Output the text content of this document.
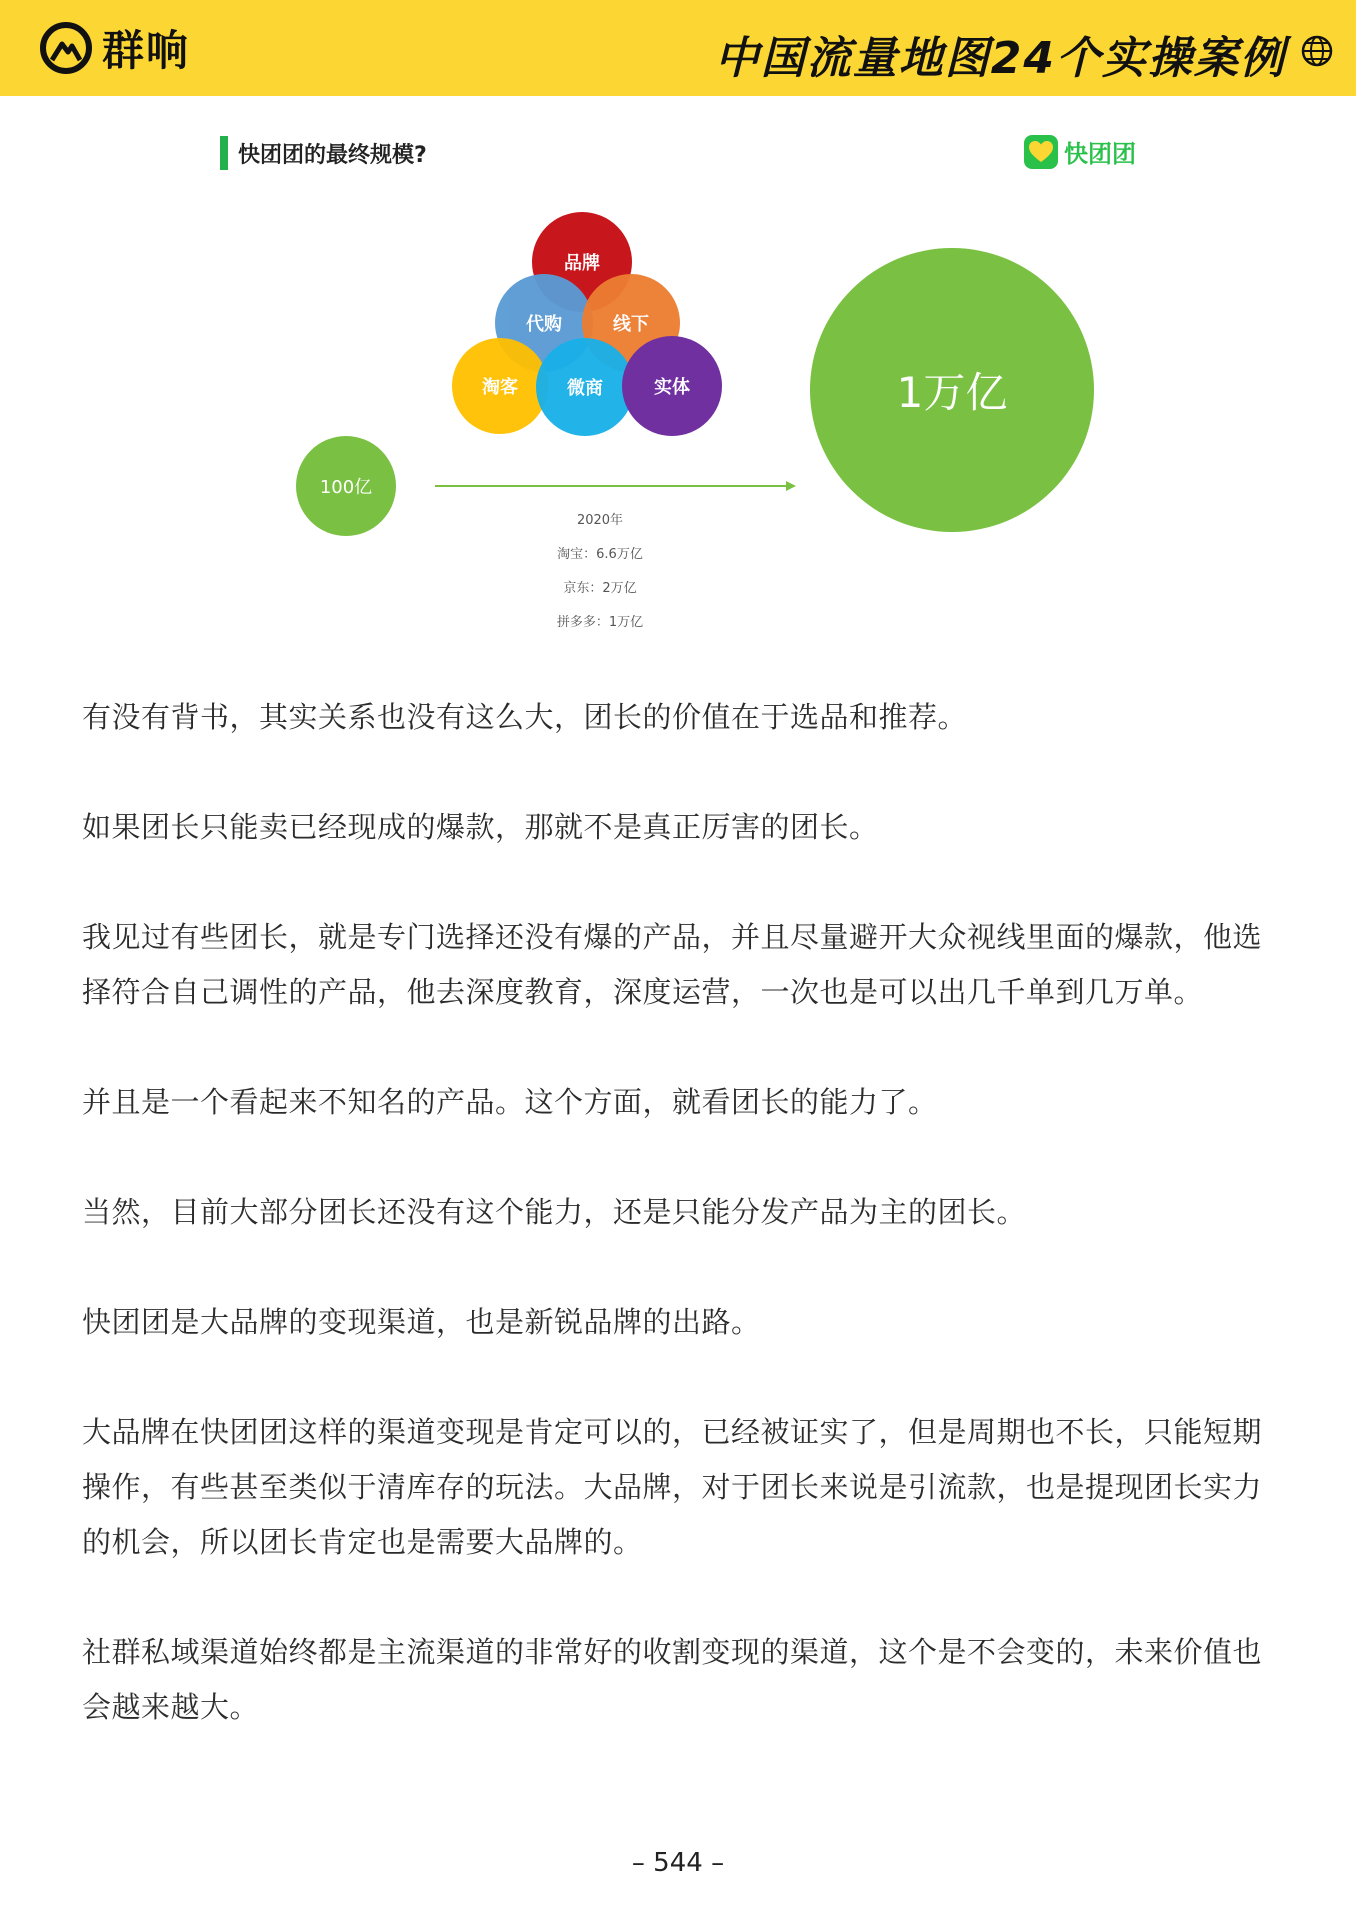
群响	中国流量地图24个实操案例
快团团的最终规模?	快团团
品牌
代购	线下
淘客	微商	实体
100亿
1万亿
2020年
淘宝：6.6万亿
京东：2万亿
拼多多：1万亿

有没有背书，其实关系也没有这么大，团长的价值在于选品和推荐。

如果团长只能卖已经现成的爆款，那就不是真正厉害的团长。

我见过有些团长，就是专门选择还没有爆的产品，并且尽量避开大众视线里面的爆款，他选择符合自己调性的产品，他去深度教育，深度运营，一次也是可以出几千单到几万单。

并且是一个看起来不知名的产品。这个方面，就看团长的能力了。

当然，目前大部分团长还没有这个能力，还是只能分发产品为主的团长。

快团团是大品牌的变现渠道，也是新锐品牌的出路。

大品牌在快团团这样的渠道变现是肯定可以的，已经被证实了，但是周期也不长，只能短期操作，有些甚至类似于清库存的玩法。大品牌，对于团长来说是引流款，也是提现团长实力的机会，所以团长肯定也是需要大品牌的。

社群私域渠道始终都是主流渠道的非常好的收割变现的渠道，这个是不会变的，未来价值也会越来越大。

– 544 –
